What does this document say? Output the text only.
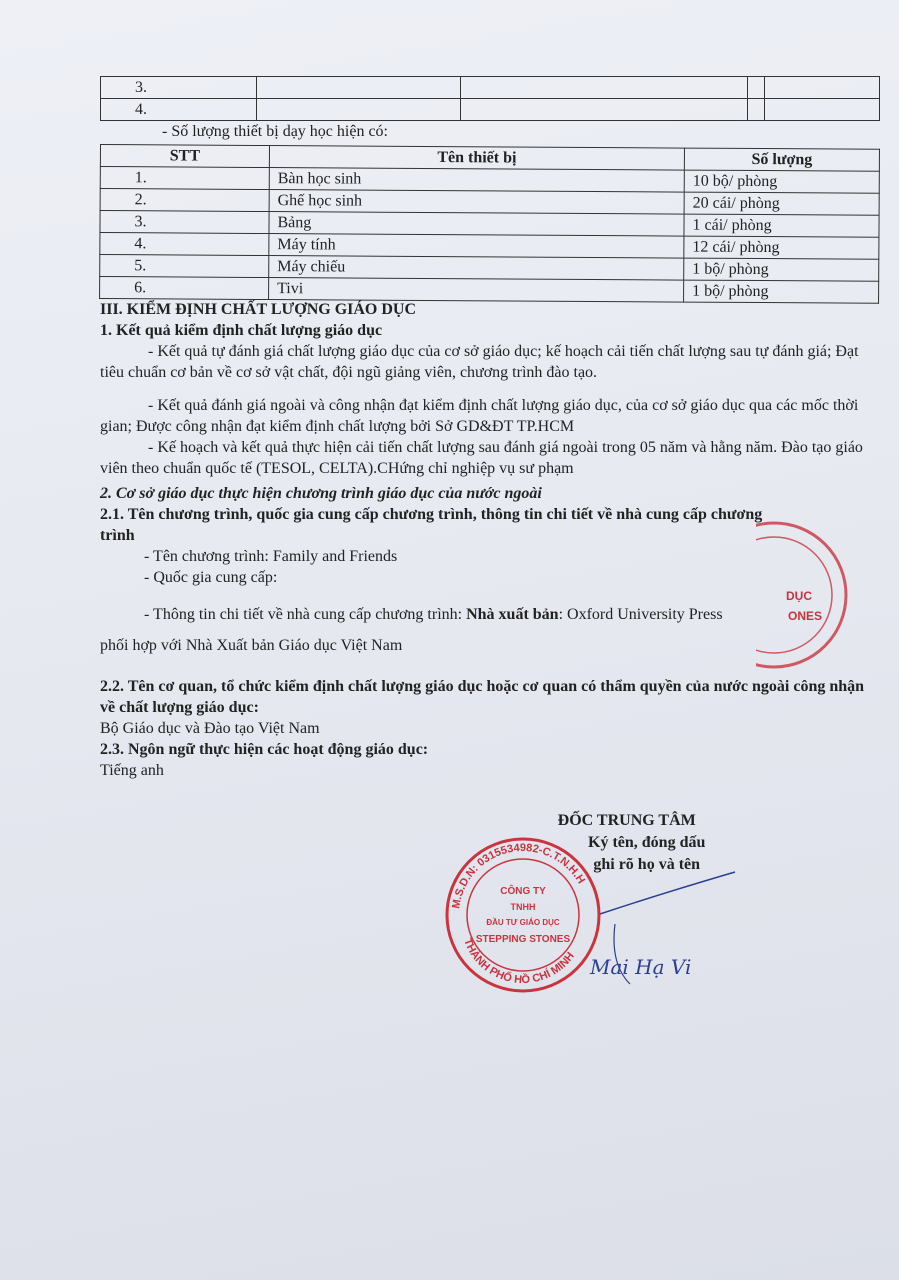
3.				
4.				

- Số lượng thiết bị dạy học hiện có:

STT	Tên thiết bị	Số lượng
1.	Bàn học sinh	10 bộ/ phòng
2.	Ghế học sinh	20 cái/ phòng
3.	Bảng	1 cái/ phòng
4.	Máy tính	12 cái/ phòng
5.	Máy chiếu	1 bộ/ phòng
6.	Tivi	1 bộ/ phòng

III. KIỂM ĐỊNH CHẤT LƯỢNG GIÁO DỤC

1. Kết quả kiểm định chất lượng giáo dục

- Kết quả tự đánh giá chất lượng giáo dục của cơ sở giáo dục; kế hoạch cải tiến chất lượng sau tự đánh giá; Đạt tiêu chuẩn cơ bản về cơ sở vật chất, đội ngũ giảng viên, chương trình đào tạo.

- Kết quả đánh giá ngoài và công nhận đạt kiểm định chất lượng giáo dục, của cơ sở giáo dục qua các mốc thời gian; Được công nhận đạt kiểm định chất lượng bởi Sở GD&ĐT TP.HCM

- Kế hoạch và kết quả thực hiện cải tiến chất lượng sau đánh giá ngoài trong 05 năm và hằng năm. Đào tạo giáo viên theo chuẩn quốc tế (TESOL, CELTA).CHứng chỉ nghiệp vụ sư phạm

2. Cơ sở giáo dục thực hiện chương trình giáo dục của nước ngoài

2.1. Tên chương trình, quốc gia cung cấp chương trình, thông tin chi tiết về nhà cung cấp chương trình

- Tên chương trình: Family and Friends

- Quốc gia cung cấp:

- Thông tin chi tiết về nhà cung cấp chương trình: Nhà xuất bản: Oxford University Press

phối hợp với Nhà Xuất bản Giáo dục Việt Nam

2.2. Tên cơ quan, tổ chức kiểm định chất lượng giáo dục hoặc cơ quan có thẩm quyền của nước ngoài công nhận về chất lượng giáo dục:

Bộ Giáo dục và Đào tạo Việt Nam

2.3. Ngôn ngữ thực hiện các hoạt động giáo dục:

Tiếng anh

DỤC
ONES
ĐỐC TRUNG TÂM
Ký tên, đóng dấu
ghi rõ họ và tên
Mai Hạ Vi
M.S.D.N: 0315534982-C.T.N.H.H
THÀNH PHỐ HỒ CHÍ MINH
CÔNG TY
TNHH
ĐẦU TƯ GIÁO DỤC
STEPPING STONES
